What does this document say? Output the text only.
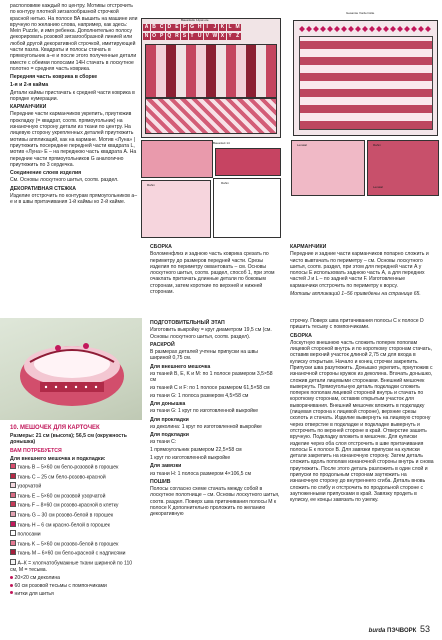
располовиве каждый по центру. Мотивы отстрочить по контуру плотной зигзагообразной строчкой красной нитью. На полосе ВА вышить на машине или вручную по желанию слова, например, как здесь: Mein Puzzle, и имя ребенка. Дополнительно полосу декорировать розовой зигзагообразной линией или любой другой декоративной строчкой, имитирующей части пазла. Квадраты и полосы стачать в прямоугольник а–е и после этого полученные детали вместе с обеими полосами 14Н стачать в лоскутное полотно = средняя часть коврика.

Передняя часть коврика в сборке
1-я и 2-я кайма

Детали каймы пристачать к средней части коврика в порядке нумерации.

КАРМАНЧИКИ

Передние части карманчиков укрепить, приутюжив прокладку (= квадрат, соотв. прямоугольник) на изнаночную сторону детали из ткани по центру. На лицевую сторону укрепленных деталей приутюжить мотивы аппликаций, как на кармане. Мотив «Луна» | приутюжить посередине передней части квадрата L, мотив «Луна» E – на переднюю часть квадрата А. На передние части прямоугольников G аналогично приутюжить по 3 сердечка.

Соединение слоев изделия

См. Основы лоскутного шитья, соотв. раздел.

ДЕКОРАТИВНАЯ СТЕЖКА

Изделие отстрочить по контурам прямоугольников а–е и в швы притачивания 1-й каймы ко 2-й кайме.

Bauanleitu 14pat ote
A B C D E F G H	I	J K L M
N O P Q R S T U V W X Y Z
Gesamte Vordermitte
Bauanleit 14
Rahm	Rahm
Lenatal	Rahm
Lenatal
СБОРКА

Воломенфлиз и заднюю часть коврика срезать по периметру до размеров передней части. Срезы изделия по периметру оквантовать – см. Основы лоскутного шитья, соотв. раздел, способ 1, при этом очаклать притачать длинные детали по боковым сторонам, затем короткие по верхней и нижней сторонам.

КАРМАНЧИКИ

Передние и задние части карманчиков попарно сложить и чисто вывтачать по периметру – см. Основы лоскутного шитья, соотв. раздел, при этом для передней части А у полосы Е использовать заднюю часть А, а для передних частей J и L – по задней части F. Изготовленные карманчики отстрочить по периметру к ворсу.

Мотивы аппликаций 1–56 приведены на странице 65.

10. МЕШОЧЕК ДЛЯ КАРТОЧЕК

Размеры: 21 см (высота); 56,5 см (окружность донышка)

ВАМ ПОТРЕБУЕТСЯ
Для внешнего мешочка и подкладки:

ткань B – 5×60 см бело-розовой в горошек

ткань C – 25 см бело-розово-красной

узорчатой

ткань E – 5×60 см розовой узорчатой

ткань F – 8×60 см розово-красной в клетку

ткань G – 30 см розово-белой в горошек

ткань H – 6 см красно-белой в горошек

полосами

ткань K – 5×60 см розово-белой в горошек

ткань M – 6×60 см бело-красной с надписями

А–К = хлопчатобумажные ткани шириной по 110 см, М = тесьма.

20×20 см деколина

60 см розовой тесьмы с помпончиками

нитки для шитья

ПОДГОТОВИТЕЛЬНЫЙ ЭТАП

Изготовить выкройку = круг диаметром 19,5 см (см. Основы лоскутного шитья, соотв. раздел).

РАСКРОЙ

В размерах деталей учтены припуски на швы шириной 0,75 см.

Для внешнего мешочка

из тканей B, E, K и M: по 1 полосе размером 3,5×58 см

из тканей C и F: по 1 полосе размером 61,5×58 см

из ткани G: 1 полоса размером 4,5×58 см

Для донышка

из ткани G: 1 круг по изготовленной выкройке

Для прокладки

из деколина: 1 круг по изготовленной выкройке

Для подкладки

из ткани C:

1 прямоугольник размером 22,5×58 см

1 круг по изготовленной выкройке

Для завязки

из ткани H: 1 полоса размером 4×106,5 см

ПОШИВ

Полосы согласно схеме стачать между собой в лоскутное полотнище – см. Основы лоскутного шитья, соотв. раздел. Поверх шва притачивания полосы М к полосе К дополнительно проложить по желанию декоративную

строчку. Поверх шва притачивания полосы С к полосе D пришить тесьму с помпончиками.

СБОРКА

Лоскутную внешнюю часть сложить поперек пополам лицевой стороной внутрь и по короткому сторонам стачать, оставив верхний участок длиной 2,75 см для входа в кулиску открытым. Начало и конец строчки закрепить. Припуски шва разутюжить. Донышко укрепить, приутюжив с изнаночной стороны кружок из деколина. Втачать донышко, сложив детали лицевыми сторонами. Внешний мешочек вывернуть. Прямоугольную деталь подкладки сложить поперек пополам лицевой стороной внутрь и стачать по короткому сторонам, оставив открытым участок для выворачивания. Внешний мешочек вложить в подкладку (лицевая сторона к лицевой стороне), верхние срезы сколоть и стачать. Изделие вывернуть на лицевую сторону через отверстие в подкладке и подкладке вывернуть и отстрочить по верхней стороне в край. Отверстие зашить вручную. Подкладку вложить в мешочек. Для кулиски изделие через оба слоя отстрочить в швe притачивания полосы Е к полосе B. Для завязки припуски на кулиски детали закрепить на изнаночную сторону. Затем деталь сложить вдоль пополам изнаночной стороны внутрь и снова приутюжить. После этого деталь разложить в один слой и припуски по продольным сторонам заутюжить на изнаночную сторону до внутреннего сгиба. Деталь вновь сложить по сгибу и отстрочить по продольной стороне с заутюженными припусками в край. Завязку продеть в кулиску, ее концы завязать по узелку.

burda ПЭЧВОРК 53
